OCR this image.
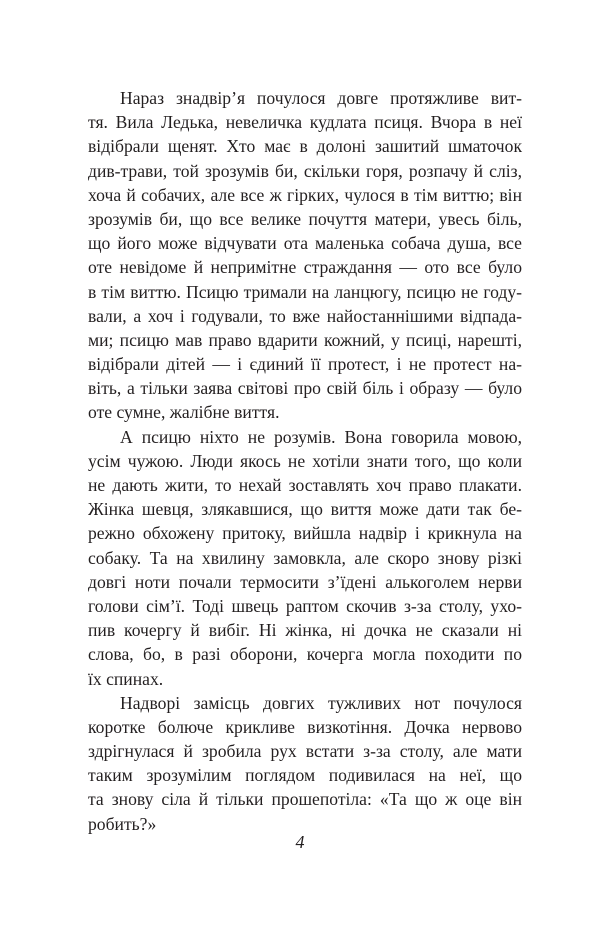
Нараз знадвір’я почулося довге протяжливе вит-
тя. Вила Ледька, невеличка кудлата псиця. Вчора в неї
відібрали щенят. Хто має в долоні зашитий шматочок
див-трави, той зрозумів би, скільки горя, розпачу й сліз,
хоча й собачих, але все ж гірких, чулося в тім виттю; він
зрозумів би, що все велике почуття матери, увесь біль,
що його може відчувати ота маленька собача душа, все
оте невідоме й непримітне страждання — ото все було
в тім виттю. Псицю тримали на ланцюгу, псицю не году-
вали, а хоч і годували, то вже найостаннішими відпада-
ми; псицю мав право вдарити кожний, у псиці, нарешті,
відібрали дітей — і єдиний її протест, і не протест на-
віть, а тільки заява світові про свій біль і образу — було
оте сумне, жалібне виття.

А псицю ніхто не розумів. Вона говорила мовою,
усім чужою. Люди якось не хотіли знати того, що коли
не дають жити, то нехай зоставлять хоч право плакати.
Жінка шевця, злякавшися, що виття може дати так бе-
режно обхожену притоку, вийшла надвір і крикнула на
собаку. Та на хвилину замовкла, але скоро знову різкі
довгі ноти почали термосити з’їдені алькоголем нерви
голови сім’ї. Тоді швець раптом скочив з-за столу, ухо-
пив кочергу й вибіг. Ні жінка, ні дочка не сказали ні
слова, бо, в разі оборони, кочерга могла походити по
їх спинах.

Надворі замісць довгих тужливих нот почулося
коротке болюче крикливе визкотіння. Дочка нервово
здрігнулася й зробила рух встати з-за столу, але мати
таким зрозумілим поглядом подивилася на неї, що
та знову сіла й тільки прошепотіла: «Та що ж оце він
робить?»

4
